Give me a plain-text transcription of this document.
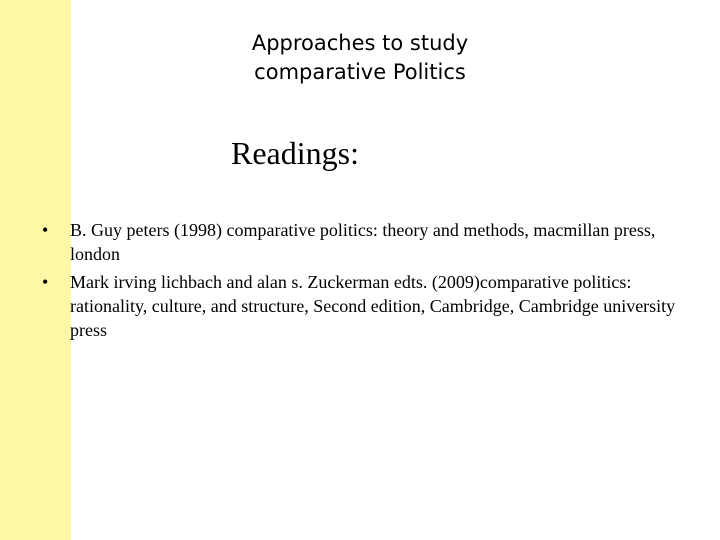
Approaches to study
comparative Politics
Readings:
•	B. Guy peters (1998) comparative politics: theory and methods, macmillan press, london
•	Mark irving lichbach and alan s. Zuckerman edts. (2009)comparative politics: rationality, culture, and structure, Second edition, Cambridge, Cambridge university press
